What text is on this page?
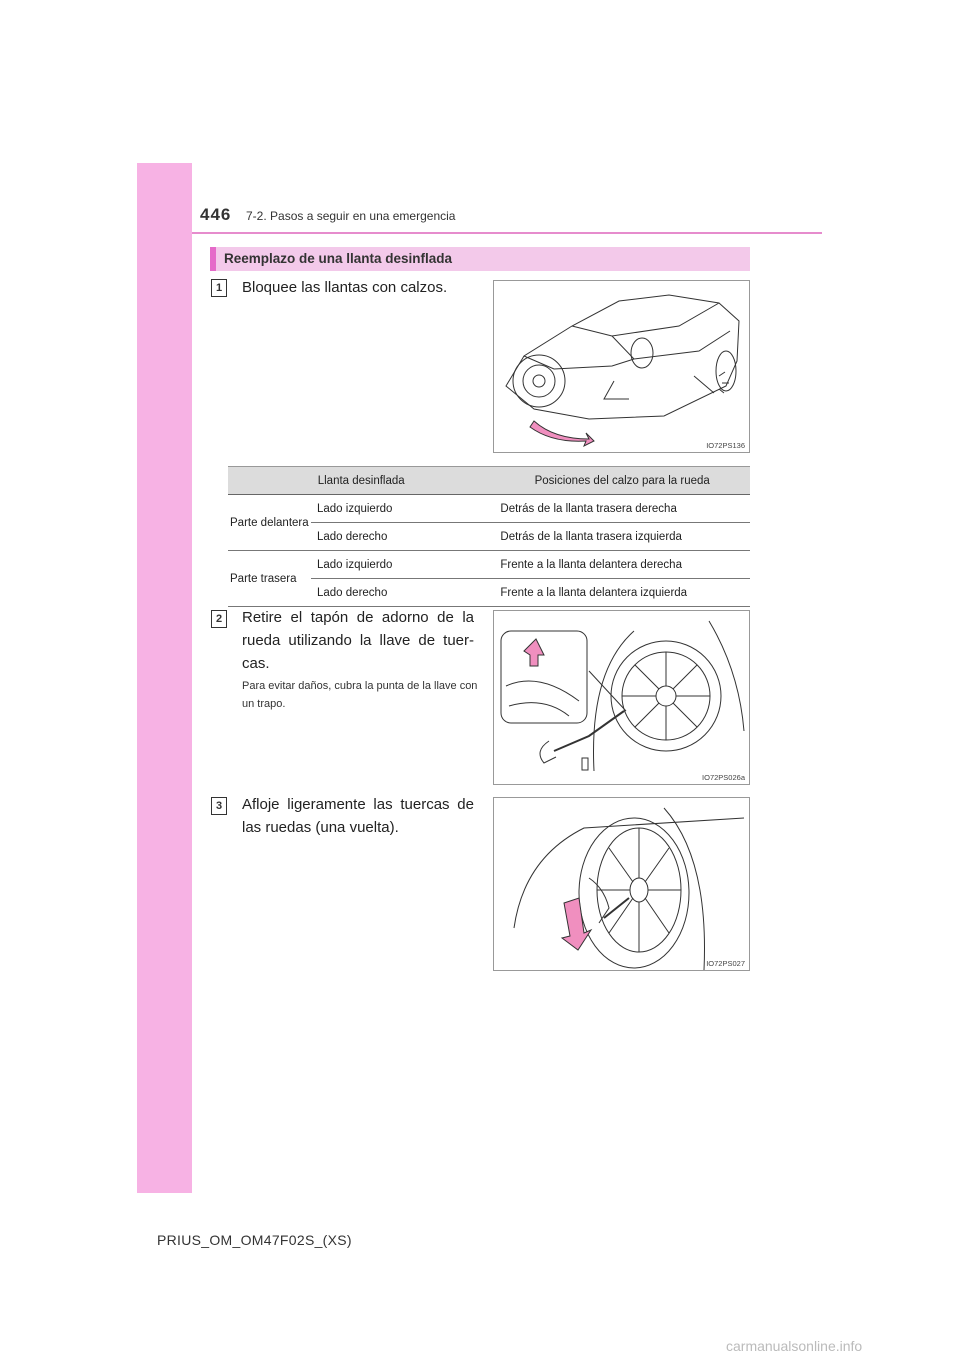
446 7-2. Pasos a seguir en una emergencia
Reemplazo de una llanta desinflada
1	Bloquee las llantas con calzos.
IO72PS136
Llanta desinflada		Posiciones del calzo para la rueda
Parte delantera	Lado izquierdo	Detrás de la llanta trasera derecha
	Lado derecho	Detrás de la llanta trasera izquierda
Parte trasera	Lado izquierdo	Frente a la llanta delantera derecha
	Lado derecho	Frente a la llanta delantera izquierda
2	Retire el tapón de adorno de la rueda utilizando la llave de tuer-cas.
Para evitar daños, cubra la punta de la llave con un trapo.
IO72PS026a
3	Afloje ligeramente las tuercas de las ruedas (una vuelta).
IO72PS027
PRIUS_OM_OM47F02S_(XS)
carmanualsonline.info
